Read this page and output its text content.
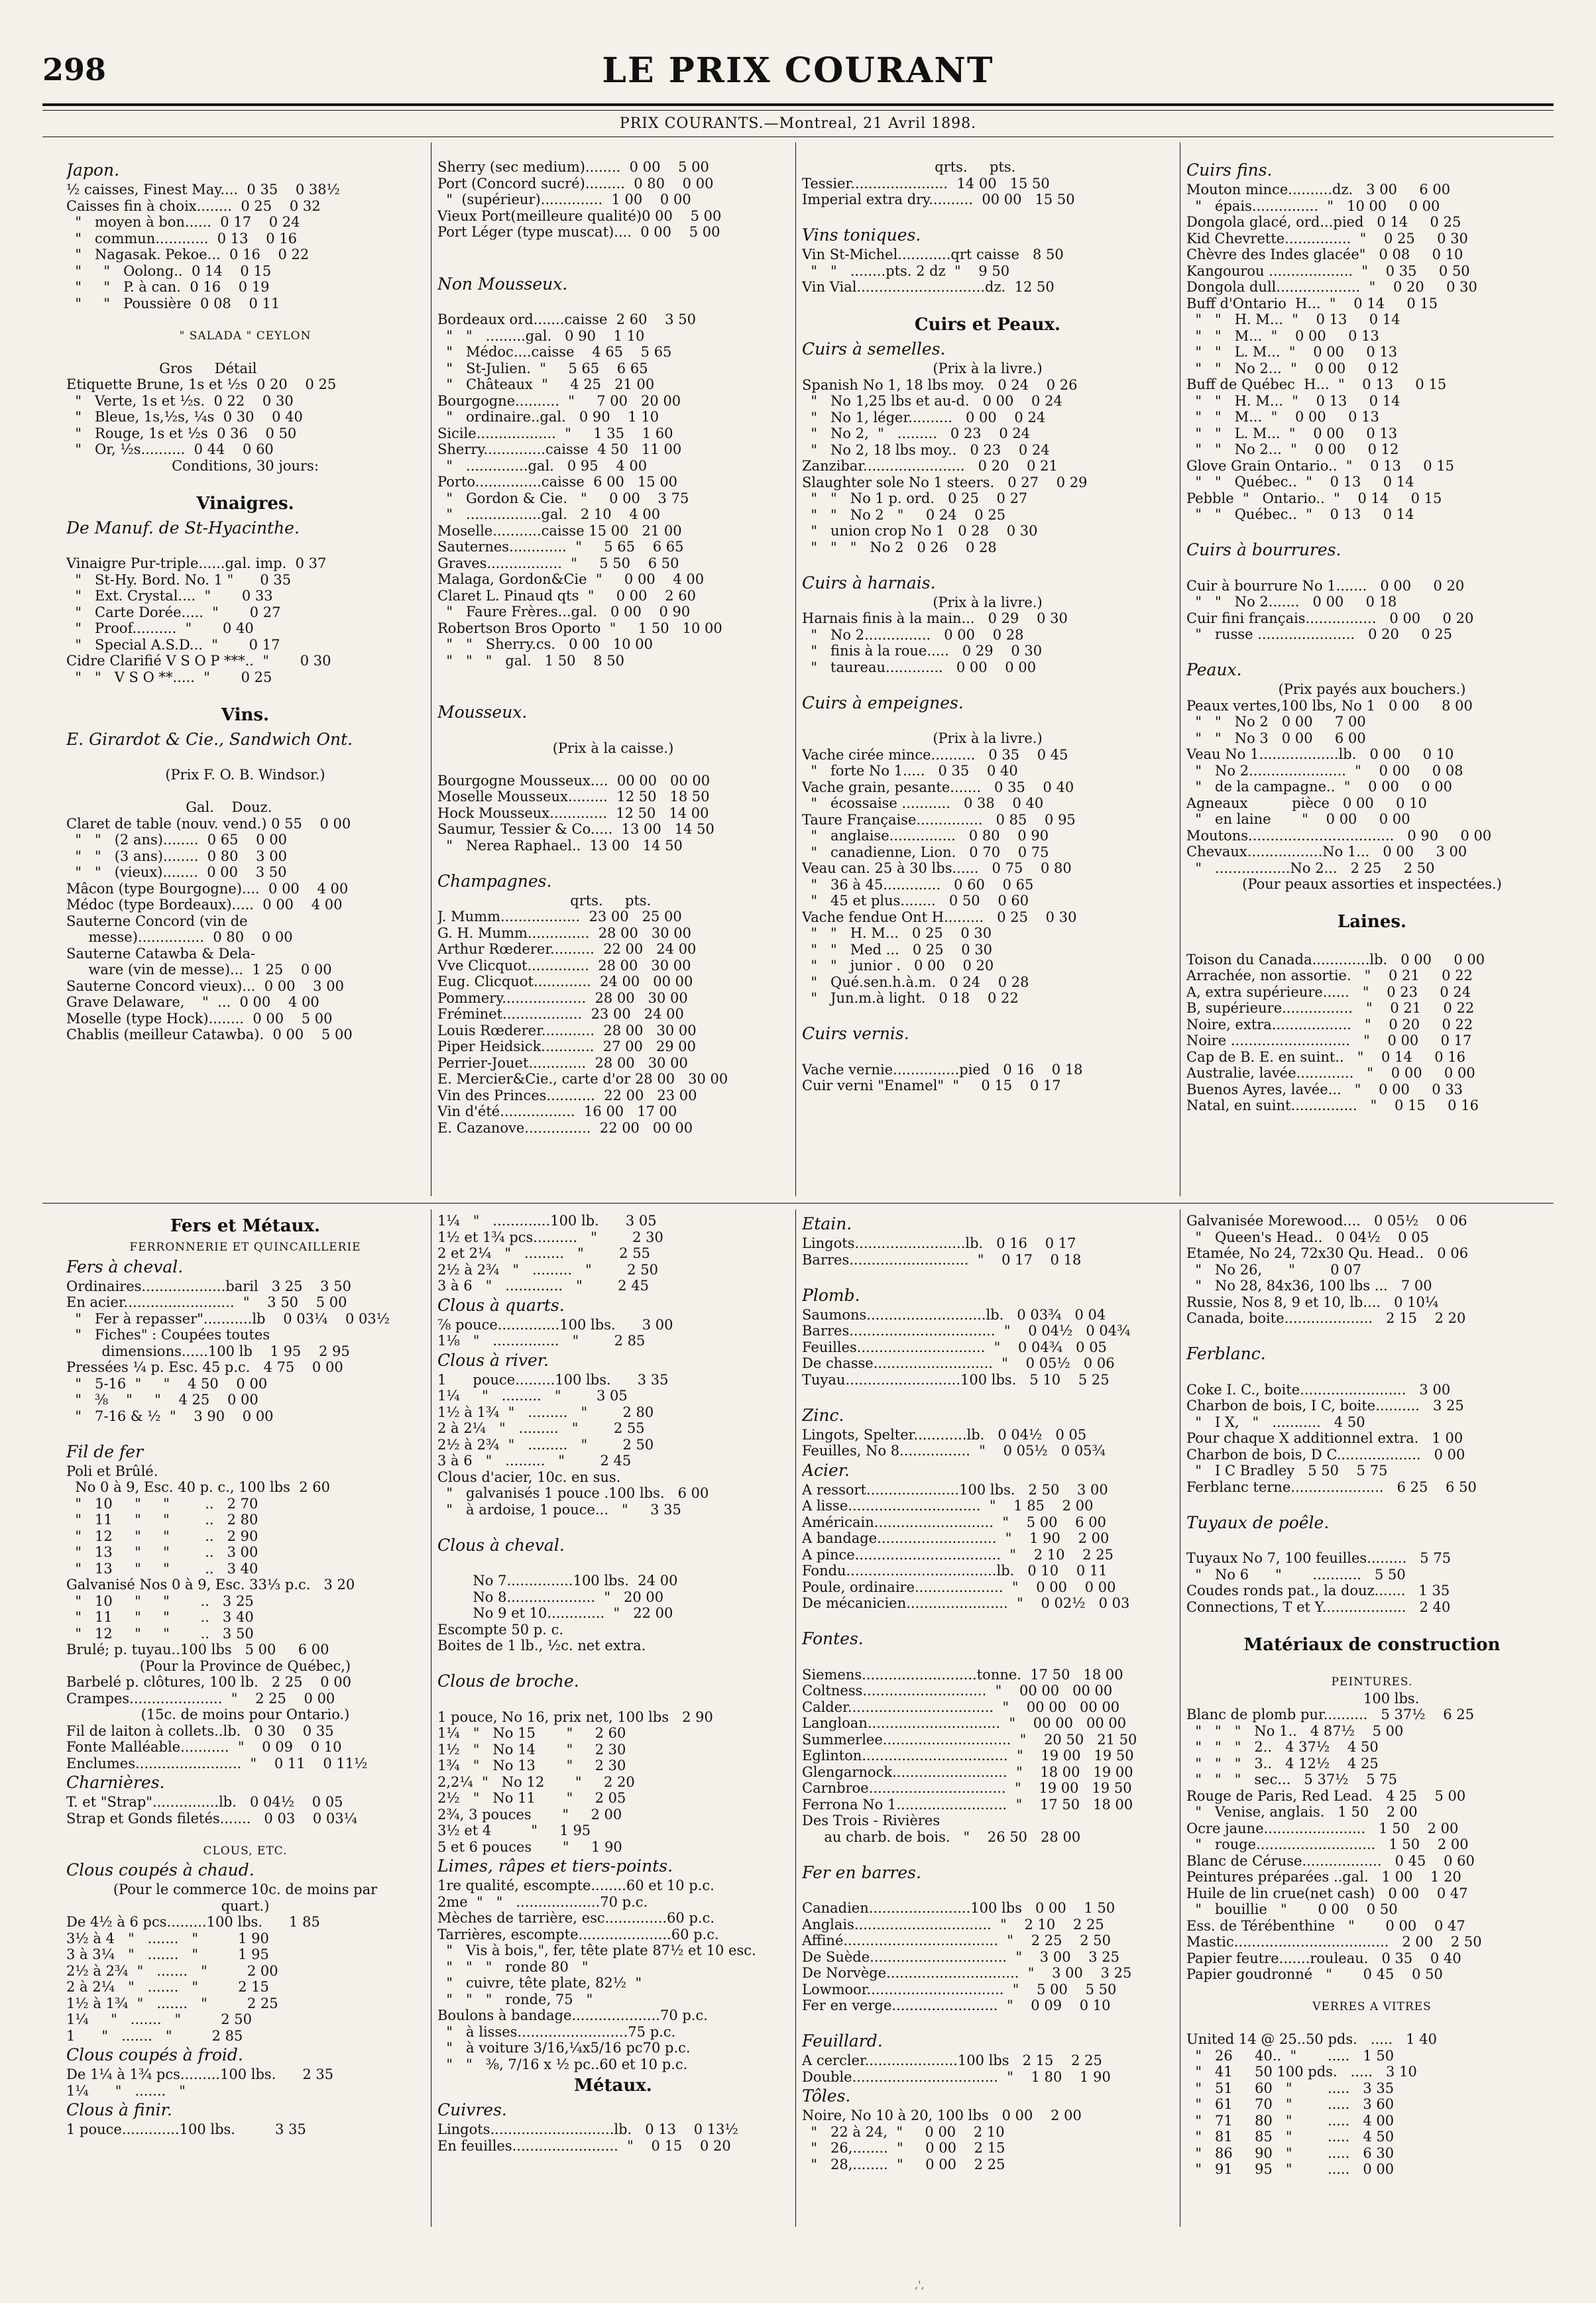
298	LE PRIX COURANT
PRIX COURANTS.—Montreal, 21 Avril 1898.
Japon.
½ caisses, Finest May....  0 35    0 38½
Caisses fin à choix........  0 25    0 32
"   moyen à bon......  0 17    0 24
"   commun............  0 13    0 16
"   Nagasak. Pekoe...  0 16    0 22
"     "   Oolong..  0 14    0 15
"     "   P. à can.  0 16    0 19
"     "   Poussière  0 08    0 11
" SALADA " CEYLON
Gros     Détail
Etiquette Brune, 1s et ½s  0 20    0 25
"   Verte, 1s et ½s.  0 22    0 30
"   Bleue, 1s,½s, ¼s  0 30    0 40
"   Rouge, 1s et ½s  0 36    0 50
"   Or, ½s..........  0 44    0 60
Conditions, 30 jours:
Vinaigres.
De Manuf. de St-Hyacinthe.
Vinaigre Pur-triple......gal. imp.  0 37
"   St-Hy. Bord. No. 1 "      0 35
"   Ext. Crystal....  "       0 33
"   Carte Dorée.....  "       0 27
"   Proof..........  "       0 40
"   Special A.S.D...  "       0 17
Cidre Clarifié V S O P ***..  "       0 30
"   "   V S O **.....  "       0 25
Vins.
E. Girardot & Cie., Sandwich Ont.
(Prix F. O. B. Windsor.)
Gal.    Douz.
Claret de table (nouv. vend.) 0 55    0 00
"   "   (2 ans)........  0 65    0 00
"   "   (3 ans)........  0 80    3 00
"   "   (vieux)........  0 00    3 50
Mâcon (type Bourgogne)....  0 00    4 00
Médoc (type Bordeaux).....  0 00    4 00
Sauterne Concord (vin de
messe)...............  0 80    0 00
Sauterne Catawba & Dela-
ware (vin de messe)...  1 25    0 00
Sauterne Concord vieux)...  0 00    3 00
Grave Delaware,    "  ...  0 00    4 00
Moselle (type Hock)........  0 00    5 00
Chablis (meilleur Catawba).  0 00    5 00
Sherry (sec medium)........  0 00    5 00
Port (Concord sucré).........  0 80    0 00
"  (supérieur)..............  1 00    0 00
Vieux Port(meilleure qualité)0 00    5 00
Port Léger (type muscat)....  0 00    5 00
Non Mousseux.
Bordeaux ord.......caisse  2 60    3 50
"   "   .........gal.   0 90    1 10
"   Médoc....caisse    4 65    5 65
"   St-Julien.  "     5 65    6 65
"   Châteaux  "     4 25   21 00
Bourgogne..........  "     7 00   20 00
"   ordinaire..gal.   0 90    1 10
Sicile..................  "     1 35    1 60
Sherry..............caisse  4 50   11 00
"   ..............gal.   0 95    4 00
Porto...............caisse  6 00   15 00
"   Gordon & Cie.   "     0 00    3 75
"   .................gal.   2 10    4 00
Moselle...........caisse 15 00   21 00
Sauternes.............  "     5 65    6 65
Graves.................  "     5 50    6 50
Malaga, Gordon&Cie  "     0 00    4 00
Claret L. Pinaud qts  "     0 00    2 60
"   Faure Frères...gal.   0 00    0 90
Robertson Bros Oporto  "     1 50   10 00
"   "   Sherry.cs.   0 00   10 00
"   "   "   gal.   1 50    8 50
Mousseux.
(Prix à la caisse.)
Bourgogne Mousseux....  00 00   00 00
Moselle Mousseux.........  12 50   18 50
Hock Mousseux.............  12 50   14 00
Saumur, Tessier & Co.....  13 00   14 50
"   Nerea Raphael..  13 00   14 50
Champagnes.
qrts.     pts.
J. Mumm..................  23 00   25 00
G. H. Mumm..............  28 00   30 00
Arthur Rœderer..........  22 00   24 00
Vve Clicquot..............  28 00   30 00
Eug. Clicquot.............  24 00   00 00
Pommery...................  28 00   30 00
Fréminet..................  23 00   24 00
Louis Rœderer............  28 00   30 00
Piper Heidsick............  27 00   29 00
Perrier-Jouet.............  28 00   30 00
E. Mercier&Cie., carte d'or 28 00   30 00
Vin des Princes...........  22 00   23 00
Vin d'été.................  16 00   17 00
E. Cazanove...............  22 00   00 00
qrts.     pts.
Tessier......................  14 00   15 50
Imperial extra dry..........  00 00   15 50
Vins toniques.
Vin St-Michel............qrt caisse   8 50
"   "   ........pts. 2 dz  "    9 50
Vin Vial.............................dz.  12 50
Cuirs et Peaux.
Cuirs à semelles.
(Prix à la livre.)
Spanish No 1, 18 lbs moy.   0 24    0 26
"   No 1,25 lbs et au-d.   0 00    0 24
"   No 1, léger..........   0 00    0 24
"   No 2,  "   .........   0 23    0 24
"   No 2, 18 lbs moy..   0 23    0 24
Zanzibar.......................   0 20    0 21
Slaughter sole No 1 steers.   0 27    0 29
"   "   No 1 p. ord.   0 25    0 27
"   "   No 2   "     0 24    0 25
"   union crop No 1   0 28    0 30
"   "   "   No 2   0 26    0 28
Cuirs à harnais.
(Prix à la livre.)
Harnais finis à la main...   0 29    0 30
"   No 2...............   0 00    0 28
"   finis à la roue.....   0 29    0 30
"   taureau.............   0 00    0 00
Cuirs à empeignes.
(Prix à la livre.)
Vache cirée mince..........   0 35    0 45
"   forte No 1.....   0 35    0 40
Vache grain, pesante.......   0 35    0 40
"   écossaise ...........   0 38    0 40
Taure Française...............   0 85    0 95
"   anglaise...............   0 80    0 90
"   canadienne, Lion.   0 70    0 75
Veau can. 25 à 30 lbs......   0 75    0 80
"   36 à 45.............   0 60    0 65
"   45 et plus........   0 50    0 60
Vache fendue Ont H.........   0 25    0 30
"   "   H. M...   0 25    0 30
"   "   Med ...   0 25    0 30
"   "   junior .   0 00    0 20
"   Qué.sen.h.à.m.   0 24    0 28
"   Jun.m.à light.   0 18    0 22
Cuirs vernis.
Vache vernie...............pied   0 16    0 18
Cuir verni "Enamel"  "     0 15    0 17
Cuirs fins.
Mouton mince..........dz.   3 00     6 00
"   épais...............  "   10 00     0 00
Dongola glacé, ord...pied   0 14     0 25
Kid Chevrette...............  "    0 25     0 30
Chèvre des Indes glacée"   0 08     0 10
Kangourou ...................  "    0 35     0 50
Dongola dull...................  "    0 20     0 30
Buff d'Ontario  H...  "    0 14     0 15
"   "   H. M...  "    0 13     0 14
"   "   M...  "    0 00     0 13
"   "   L. M...  "    0 00     0 13
"   "   No 2...  "    0 00     0 12
Buff de Québec  H...  "    0 13     0 15
"   "   H. M...  "    0 13     0 14
"   "   M...  "    0 00     0 13
"   "   L. M...  "    0 00     0 13
"   "   No 2...  "    0 00     0 12
Glove Grain Ontario..  "    0 13     0 15
"   "   Québec..  "    0 13     0 14
Pebble  "   Ontario..  "    0 14     0 15
"   "   Québec..  "    0 13     0 14
Cuirs à bourrures.
Cuir à bourrure No 1.......   0 00     0 20
"   "   No 2.......   0 00     0 18
Cuir fini français................   0 00     0 20
"   russe ......................   0 20     0 25
Peaux.
(Prix payés aux bouchers.)
Peaux vertes,100 lbs, No 1   0 00     8 00
"   "   No 2   0 00     7 00
"   "   No 3   0 00     6 00
Veau No 1..................lb.   0 00     0 10
"   No 2......................  "    0 00     0 08
"   de la campagne..  "    0 00     0 00
Agneaux          pièce   0 00     0 10
"   en laine       "    0 00     0 00
Moutons.................................   0 90     0 00
Chevaux.................No 1...   0 00     3 00
"   .................No 2...   2 25     2 50
(Pour peaux assorties et inspectées.)
Laines.
Toison du Canada.............lb.   0 00     0 00
Arrachée, non assortie.   "    0 21     0 22
A, extra supérieure......   "    0 23     0 24
B, supérieure................   "    0 21     0 22
Noire, extra..................   "    0 20     0 22
Noire ...........................   "    0 00     0 17
Cap de B. E. en suint..   "    0 14     0 16
Australie, lavée.............   "    0 00     0 00
Buenos Ayres, lavée...   "    0 00     0 33
Natal, en suint...............   "    0 15     0 16
Fers et Métaux.
FERRONNERIE ET QUINCAILLERIE
Fers à cheval.
Ordinaires...................baril   3 25    3 50
En acier.........................  "    3 50    5 00
"   Fer à repasser"...........lb    0 03¼    0 03½
"   Fiches" : Coupées toutes
dimensions......100 lb    1 95    2 95
Pressées ¼ p. Esc. 45 p.c.   4 75    0 00
"   5-16  "     "    4 50    0 00
"   ⅜    "     "    4 25    0 00
"   7-16 & ½  "    3 90    0 00
Fil de fer
Poli et Brûlé.
No 0 à 9, Esc. 40 p. c., 100 lbs  2 60
"   10     "     "        ..   2 70
"   11     "     "        ..   2 80
"   12     "     "        ..   2 90
"   13     "     "        ..   3 00
"   13     "     "        ..   3 40
Galvanisé Nos 0 à 9, Esc. 33⅓ p.c.   3 20
"   10     "     "       ..   3 25
"   11     "     "       ..   3 40
"   12     "     "       ..   3 50
Brulé; p. tuyau..100 lbs   5 00     6 00
(Pour la Province de Québec,)
Barbelé p. clôtures, 100 lb.   2 25    0 00
Crampes.....................  "    2 25    0 00
(15c. de moins pour Ontario.)
Fil de laiton à collets..lb.   0 30    0 35
Fonte Malléable...........  "    0 09    0 10
Enclumes........................  "    0 11    0 11½
Charnières.
T. et "Strap"...............lb.   0 04½    0 05
Strap et Gonds filetés.......   0 03    0 03¼
CLOUS, ETC.
Clous coupés à chaud.
(Pour le commerce 10c. de moins par
quart.)
De 4½ à 6 pcs.........100 lbs.      1 85
3½ à 4   "   .......   "         1 90
3 à 3¼   "   .......   "         1 95
2½ à 2¾  "   .......   "         2 00
2 à 2¼   "   .......   "         2 15
1½ à 1¾  "   .......   "         2 25
1¼     "   .......   "         2 50
1      "   .......   "         2 85
Clous coupés à froid.
De 1¼ à 1¾ pcs.........100 lbs.      2 35
1¼      "   .......   "
Clous à finir.
1 pouce.............100 lbs.         3 35
1¼   "   .............100 lb.      3 05
1½ et 1¾ pcs..........   "        2 30
2 et 2¼   "   .........   "        2 55
2½ à 2¾   "   .........   "        2 50
3 à 6   "   .............   "        2 45
Clous à quarts.
⅞ pouce..............100 lbs.      3 00
1⅛   "   ...............   "        2 85
Clous à river.
1      pouce.........100 lbs.      3 35
1¼     "   .........   "        3 05
1½ à 1¾  "   .........   "        2 80
2 à 2¼   "   .........   "        2 55
2½ à 2¾  "   .........   "        2 50
3 à 6   "   .........   "        2 45
Clous d'acier, 10c. en sus.
"   galvanisés 1 pouce .100 lbs.   6 00
"   à ardoise, 1 pouce...   "     3 35
Clous à cheval.
No 7...............100 lbs.  24 00
No 8....................  "   20 00
No 9 et 10.............  "   22 00
Escompte 50 p. c.
Boites de 1 lb., ½c. net extra.
Clous de broche.
1 pouce, No 16, prix net, 100 lbs   2 90
1¼   "   No 15       "     2 60
1½   "   No 14       "     2 30
1¾   "   No 13       "     2 30
2,2¼  "   No 12       "     2 20
2½   "   No 11       "     2 05
2¾, 3 pouces       "     2 00
3½ et 4         "     1 95
5 et 6 pouces       "     1 90
Limes, râpes et tiers-points.
1re qualité, escompte........60 et 10 p.c.
2me  "   "   ...................70 p.c.
Mèches de tarrière, esc..............60 p.c.
Tarrières, escompte.....................60 p.c.
"   Vis à bois,", fer, tête plate 87½ et 10 esc.
"   "   "   ronde 80   "
"   cuivre, tête plate, 82½  "
"   "   "   ronde, 75   "
Boulons à bandage....................70 p.c.
"   à lisses.........................75 p.c.
"   à voiture 3/16,¼x5/16 pc70 p.c.
"   "   ⅜, 7/16 x ½ pc..60 et 10 p.c.
Métaux.
Cuivres.
Lingots............................lb.   0 13    0 13½
En feuilles........................  "    0 15    0 20
Etain.
Lingots.........................lb.   0 16    0 17
Barres...........................  "    0 17    0 18
Plomb.
Saumons...........................lb.   0 03¾   0 04
Barres.................................  "    0 04½   0 04¾
Feuilles.............................  "    0 04¾   0 05
De chasse...........................  "    0 05½   0 06
Tuyau..........................100 lbs.   5 10    5 25
Zinc.
Lingots, Spelter............lb.   0 04½   0 05
Feuilles, No 8................  "    0 05½   0 05¾
Acier.
A ressort.....................100 lbs.   2 50    3 00
A lisse..............................  "    1 85    2 00
Américain...........................  "    5 00    6 00
A bandage...........................  "    1 90    2 00
A pince.................................  "    2 10    2 25
Fondu..................................lb.   0 10    0 11
Poule, ordinaire....................  "    0 00    0 00
De mécanicien.......................  "    0 02½   0 03
Fontes.
Siemens..........................tonne.  17 50   18 00
Coltness............................  "    00 00   00 00
Calder.................................  "    00 00   00 00
Langloan..............................  "    00 00   00 00
Summerlee.............................  "    20 50   21 50
Eglinton.................................  "    19 00   19 50
Glengarnock..........................  "    18 00   19 00
Carnbroe...............................  "    19 00   19 50
Ferrona No 1.........................  "    17 50   18 00
Des Trois - Rivières
au charb. de bois.   "    26 50   28 00
Fer en barres.
Canadien.......................100 lbs   0 00    1 50
Anglais...............................  "    2 10    2 25
Affiné...................................  "    2 25    2 50
De Suède...............................  "    3 00    3 25
De Norvège..............................  "    3 00    3 25
Lowmoor...............................  "    5 00    5 50
Fer en verge........................  "    0 09    0 10
Feuillard.
A cercler.....................100 lbs   2 15    2 25
Double.................................  "    1 80    1 90
Tôles.
Noire, No 10 à 20, 100 lbs   0 00    2 00
"   22 à 24,  "     0 00    2 10
"   26,........  "     0 00    2 15
"   28,........  "     0 00    2 25
Galvanisée Morewood....   0 05½    0 06
"   Queen's Head..   0 04½    0 05
Etamée, No 24, 72x30 Qu. Head..   0 06
"   No 26,      "        0 07
"   No 28, 84x36, 100 lbs ...   7 00
Russie, Nos 8, 9 et 10, lb....   0 10¼
Canada, boite....................   2 15    2 20
Ferblanc.
Coke I. C., boite........................   3 00
Charbon de bois, I C, boite..........   3 25
"   I X,   "   ...........   4 50
Pour chaque X additionnel extra.   1 00
Charbon de bois, D C...................   0 00
"   I C Bradley   5 50    5 75
Ferblanc terne.....................   6 25    6 50
Tuyaux de poêle.
Tuyaux No 7, 100 feuilles.........   5 75
"   No 6      "       ...........   5 50
Coudes ronds pat., la douz.......   1 35
Connections, T et Y...................   2 40
Matériaux de construction
PEINTURES.
100 lbs.
Blanc de plomb pur..........   5 37½    6 25
"   "   "   No 1..   4 87½    5 00
"   "   "   2..   4 37½    4 50
"   "   "   3..   4 12½    4 25
"   "   "   sec...   5 37½    5 75
Rouge de Paris, Red Lead.   4 25    5 00
"   Venise, anglais.   1 50    2 00
Ocre jaune.......................   1 50    2 00
"   rouge...........................   1 50    2 00
Blanc de Céruse..................   0 45    0 60
Peintures préparées ..gal.   1 00    1 20
Huile de lin crue(net cash)   0 00    0 47
"   bouillie   "       0 00    0 50
Ess. de Térébenthine   "       0 00    0 47
Mastic...................................   2 00    2 50
Papier feutre.......rouleau.   0 35    0 40
Papier goudronné   "       0 45    0 50
VERRES A VITRES
United 14 @ 25..50 pds.   .....   1 40
"   26     40..  "       .....   1 50
"   41     50 100 pds.   .....   3 10
"   51     60   "        .....   3 35
"   61     70   "        .....   3 60
"   71     80   "        .....   4 00
"   81     85   "        .....   4 50
"   86     90   "        .....   6 30
"   91     95   "        .....   0 00
,',
